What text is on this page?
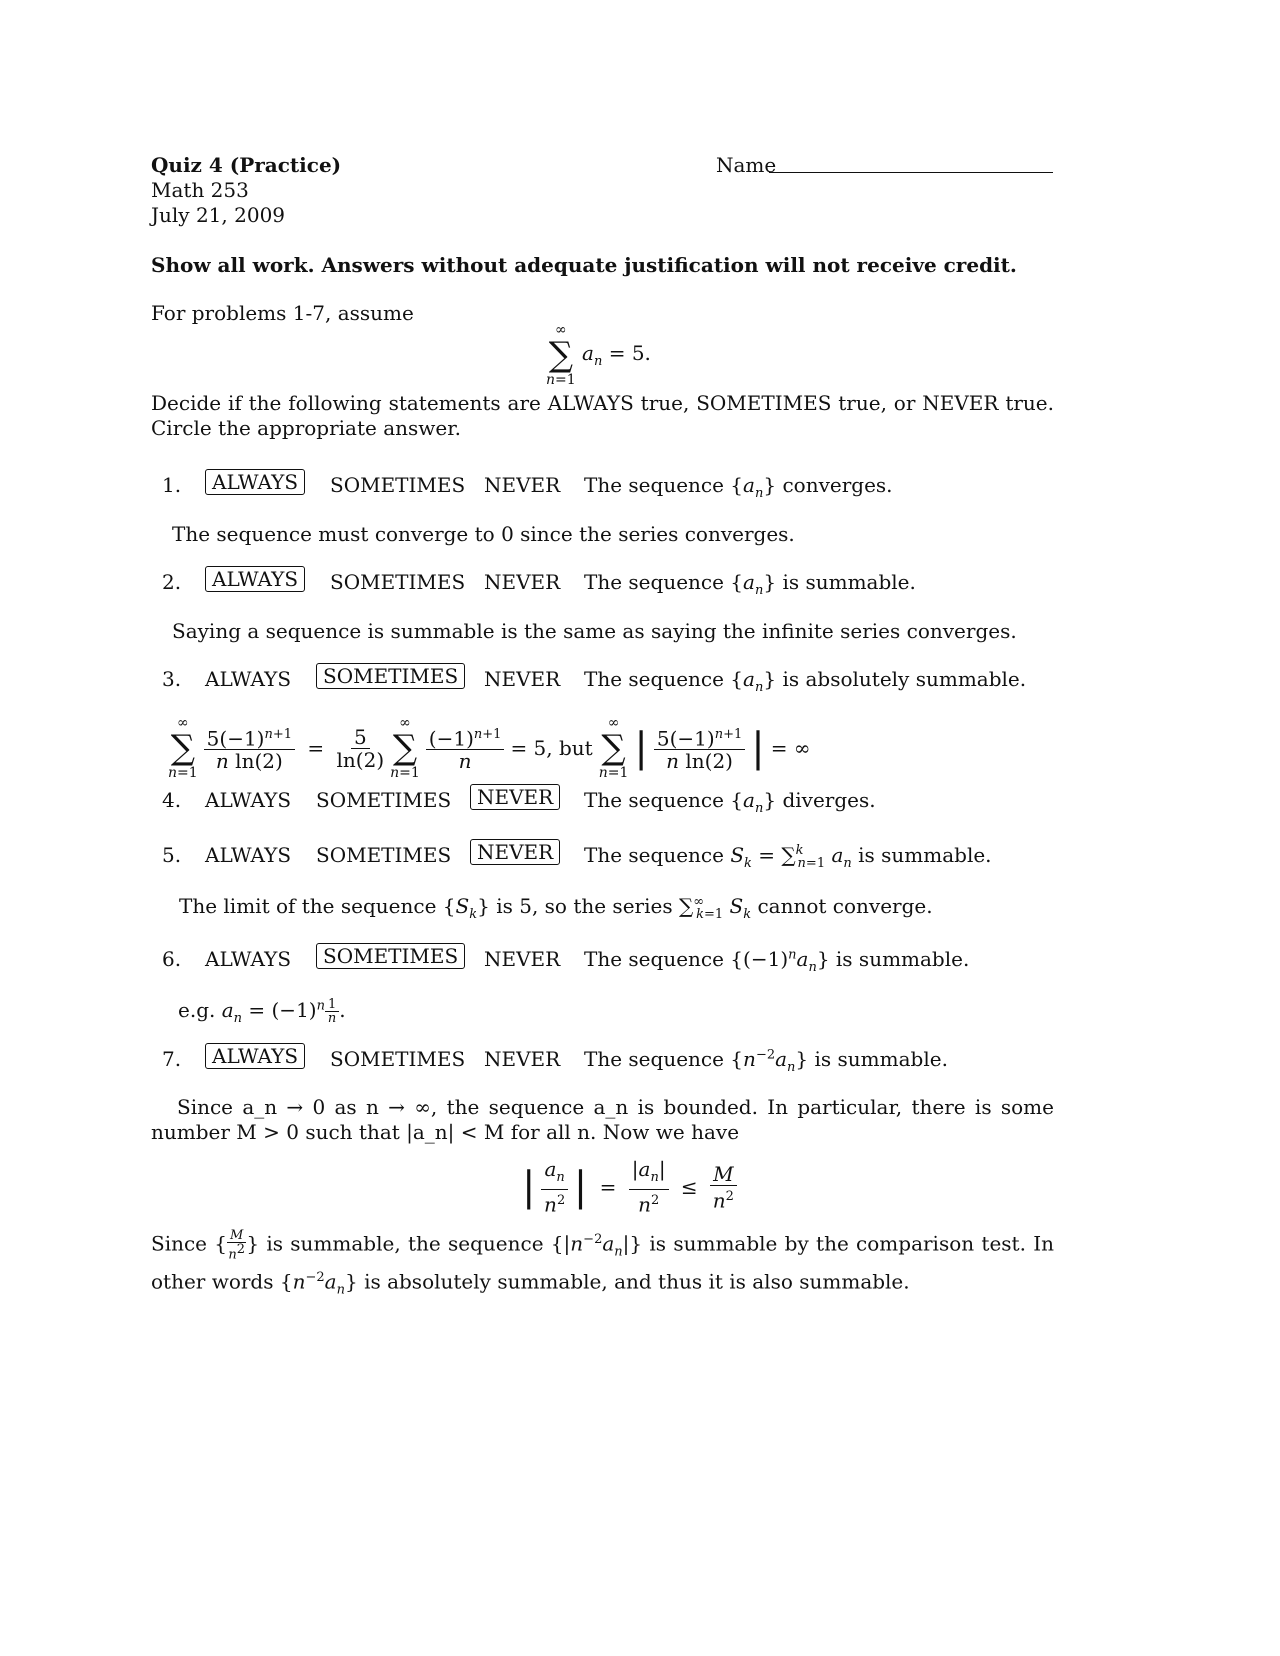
Quiz 4 (Practice)
Math 253
July 21, 2009
Name
Show all work. Answers without adequate justification will not receive credit.
For problems 1-7, assume
∞
∑
n=1
$a_n = 5$.
Decide if the following statements are ALWAYS true, SOMETIMES true, or NEVER true. Circle the appropriate answer.
1.	ALWAYS	SOMETIMES NEVER The sequence $\{a_n\}$ converges.
The sequence must converge to 0 since the series converges.
2.	ALWAYS	SOMETIMES NEVER The sequence $\{a_n\}$ is summable.
Saying a sequence is summable is the same as saying the infinite series converges.
3. ALWAYS	SOMETIMES	NEVER The sequence $\{a_n\}$ is absolutely summable.
∞
∑
n=1
$\frac{5(-1)^{n+1}}{\text{n ln(2)}} = \frac{5}{\ln(2)}$
∞
∑
n=1
$\frac{(-1)^{n+1}}{n} = 5$, but
∞
∑
n=1
| $\frac{5(-1)^{n+1}}{\text{n ln(2)}}$ | = ∞
4. ALWAYS SOMETIMES	NEVER	The sequence $\{a_n\}$ diverges.
5. ALWAYS SOMETIMES	NEVER	The sequence $S_k = \sum^k_{n=1}$ $a_n$ is summable.
The limit of the sequence $\{S_k\}$ is 5, so the series $\sum^\infty_{k=1}$ $S_k$ cannot converge.
6. ALWAYS	SOMETIMES	NEVER The sequence $\{(-1)^na_n\}$ is summable.
e.g. $a_n = (-1)^n \frac{1}{n}$ .
7.	ALWAYS	SOMETIMES NEVER The sequence $\{n^{-2}a_n\}$ is summable.
Since a_n → 0 as n → ∞, the sequence a_n is bounded. In particular, there is some number M > 0 such that |a_n| < M for all n. Now we have
| $\frac{a_n}{n^2}$ | = $\frac{|a_n|}{n^2} \le \frac{M}{n^2}$
Since { $\frac{M}{n^2}$ } is summable, the sequence $\{|n^{-2}a_n|\}$ is summable by the comparison test. In other words $\{n^{-2}a_n\}$ is absolutely summable, and thus it is also summable.
